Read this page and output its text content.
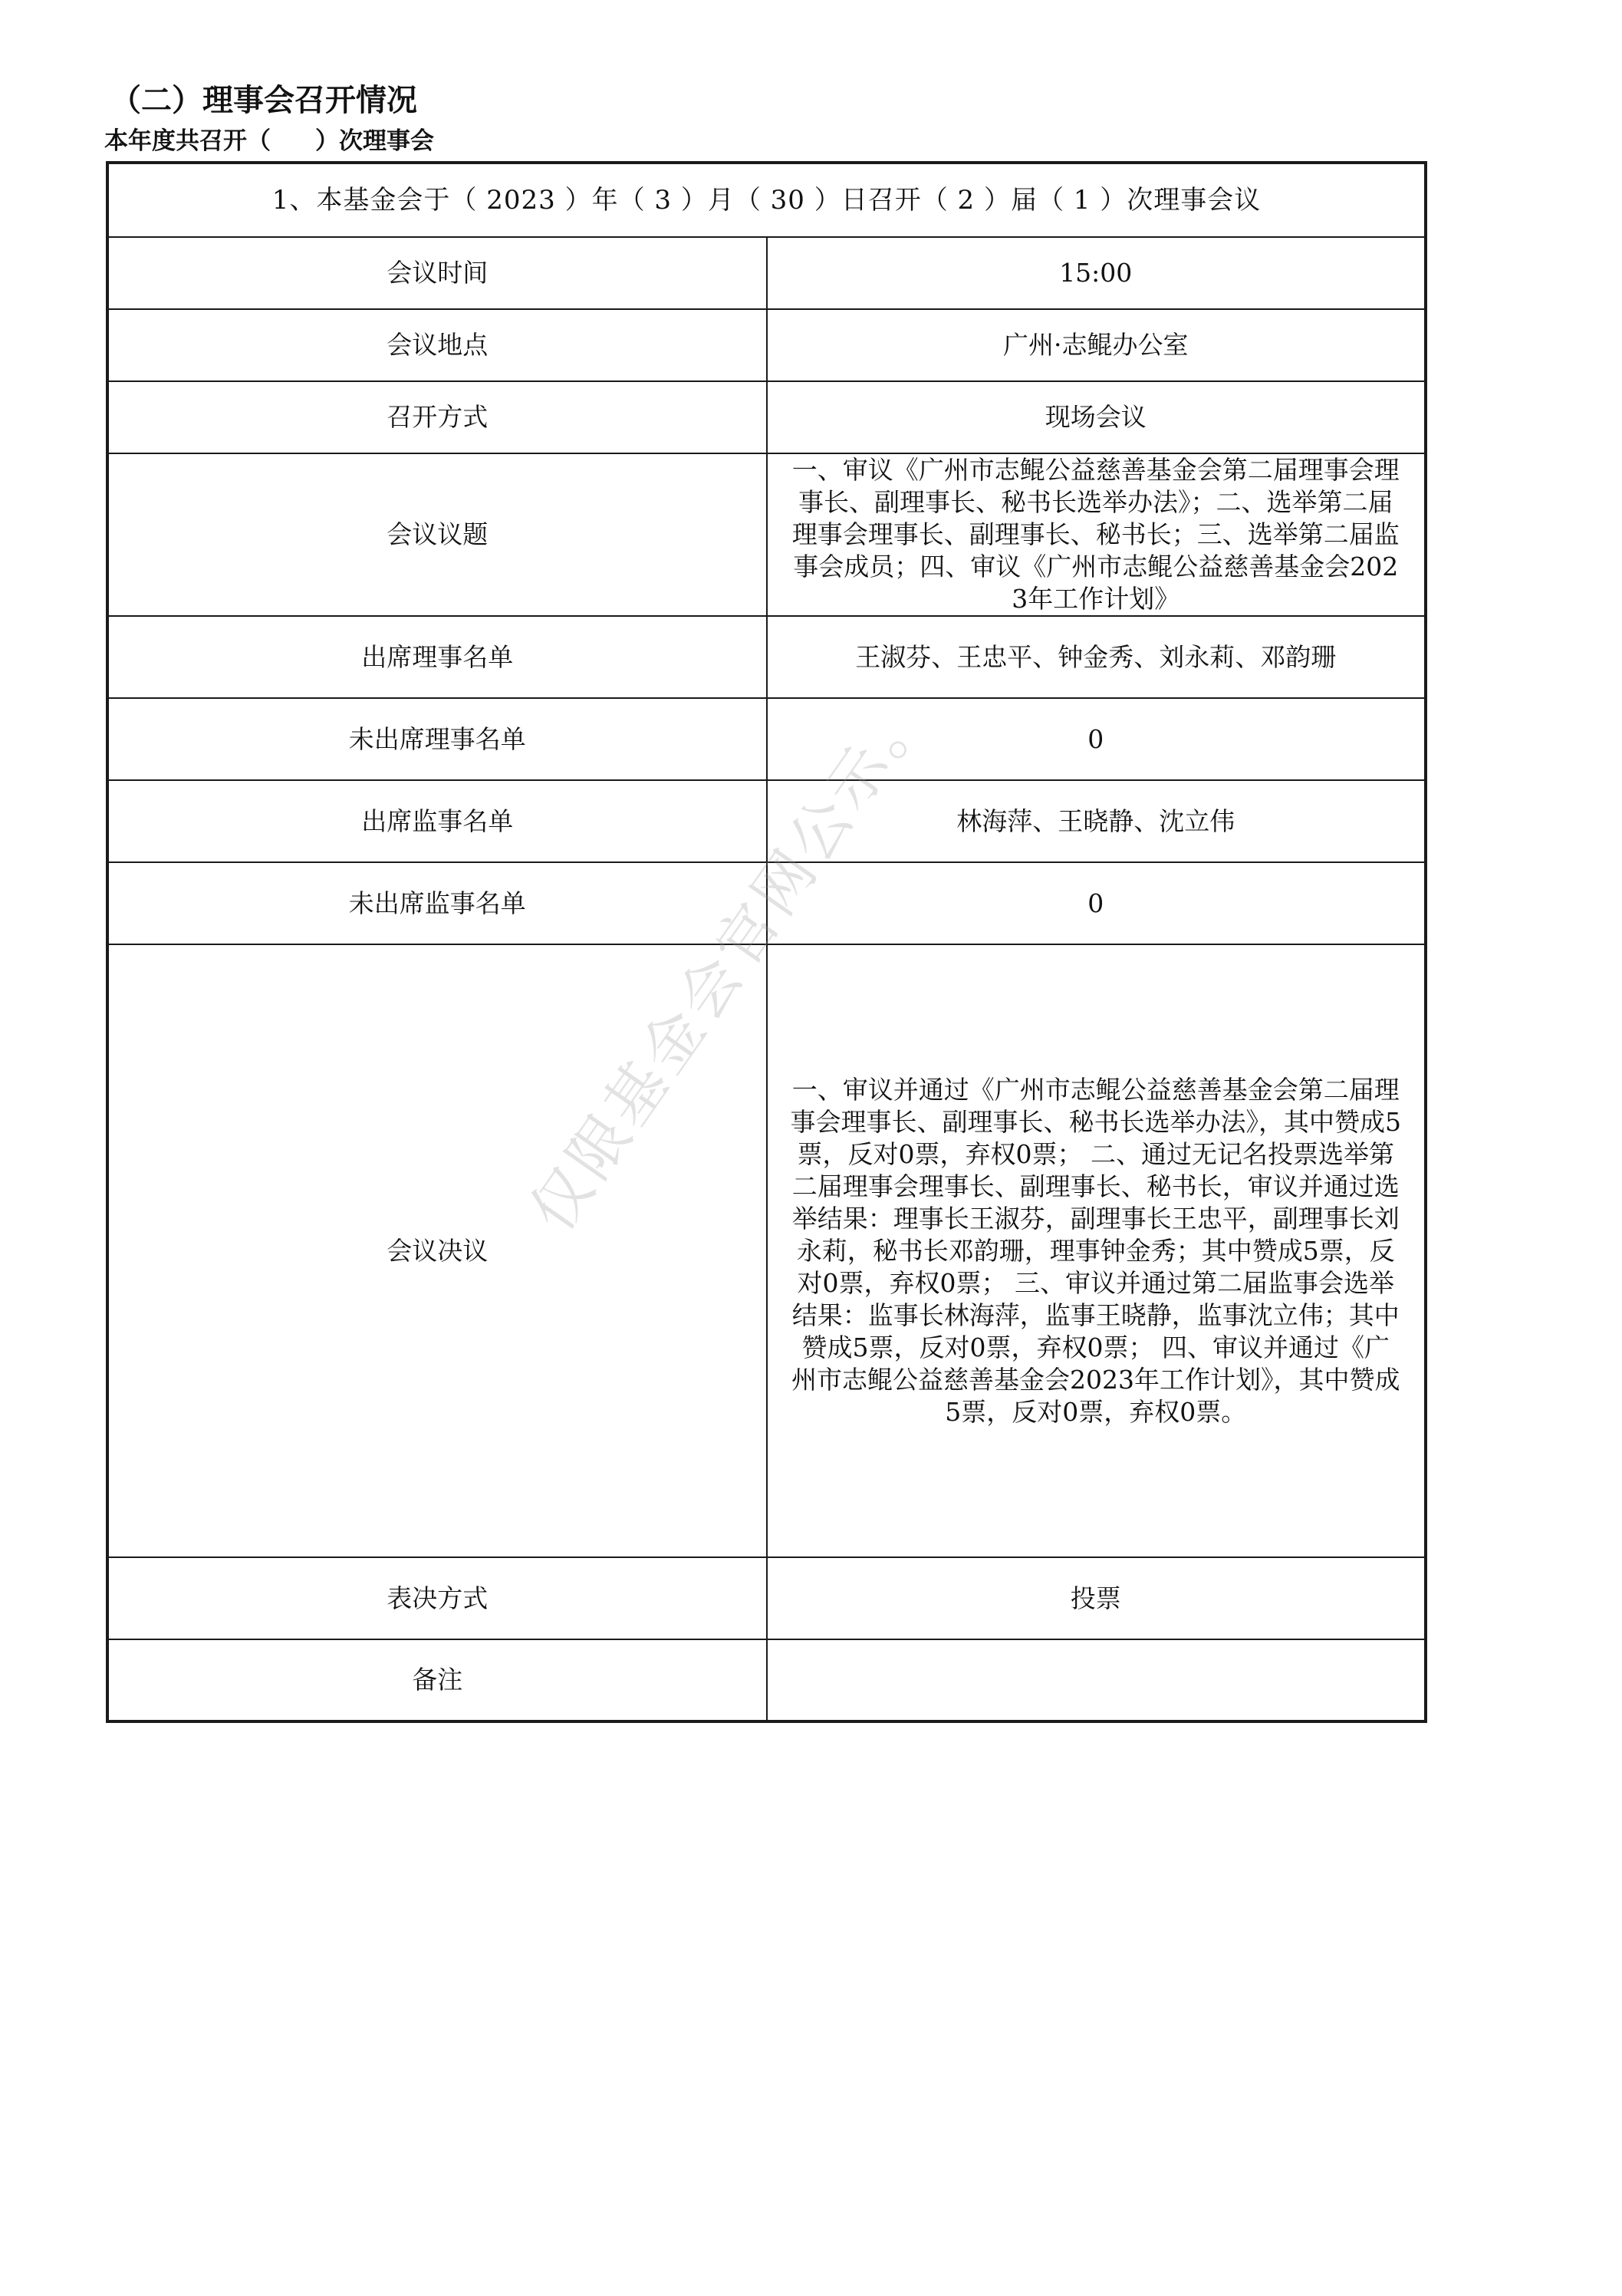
（二）理事会召开情况
本年度共召开（ ）次理事会
1、本基金会于（ 2023 ）年（ 3 ）月（ 30 ）日召开（ 2 ）届（ 1 ）次理事会议	
会议时间	15:00
会议地点	广州·志鲲办公室
召开方式	现场会议
会议议题	一、审议《广州市志鲲公益慈善基金会第二届理事会理事长、副理事长、秘书长选举办法》；二、选举第二届理事会理事长、副理事长、秘书长；三、选举第二届监事会成员；四、审议《广州市志鲲公益慈善基金会2023年工作计划》
出席理事名单	王淑芬、王忠平、钟金秀、刘永莉、邓韵珊
未出席理事名单	0
出席监事名单	林海萍、王晓静、沈立伟
未出席监事名单	0
会议决议	一、审议并通过《广州市志鲲公益慈善基金会第二届理事会理事长、副理事长、秘书长选举办法》，其中赞成5票，反对0票，弃权0票； 二、通过无记名投票选举第二届理事会理事长、副理事长、秘书长，审议并通过选举结果：理事长王淑芬，副理事长王忠平，副理事长刘永莉，秘书长邓韵珊，理事钟金秀；其中赞成5票，反对0票，弃权0票； 三、审议并通过第二届监事会选举结果：监事长林海萍，监事王晓静，监事沈立伟；其中赞成5票，反对0票，弃权0票； 四、审议并通过《广州市志鲲公益慈善基金会2023年工作计划》，其中赞成5票，反对0票，弃权0票。
表决方式	投票
备注	
仅限基金会官网公示。
